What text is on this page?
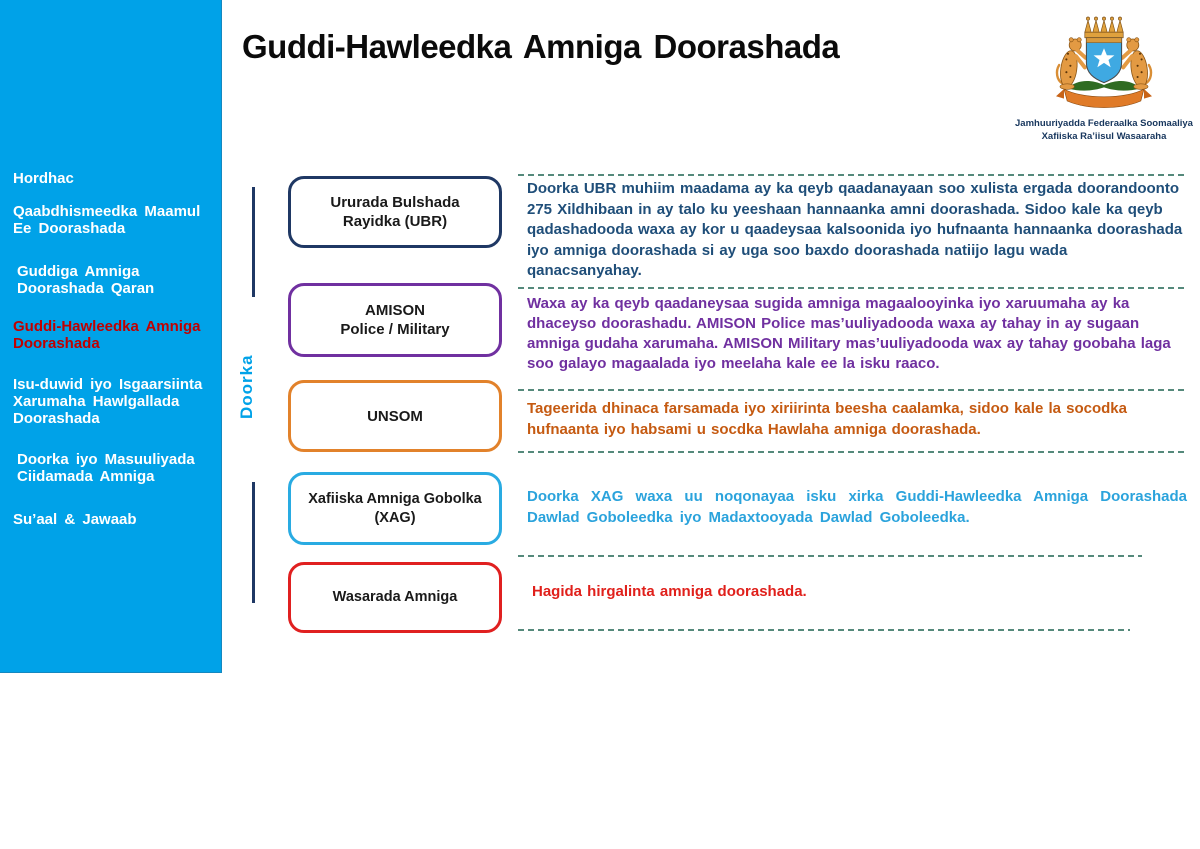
Hordhac
Qaabdhismeedka Maamul Ee Doorashada
Guddiga Amniga Doorashada Qaran
Guddi-Hawleedka Amniga Doorashada
Isu-duwid iyo Isgaarsiinta Xarumaha Hawlgallada Doorashada
Doorka iyo Masuuliyada Ciidamada Amniga
Su’aal & Jawaab
Guddi-Hawleedka Amniga Doorashada
Jamhuuriyadda Federaalka Soomaaliya
Xafiiska Ra’iisul Wasaaraha
Doorka
Ururada Bulshada
Rayidka (UBR)
AMISON
Police / Military
UNSOM
Xafiiska Amniga Gobolka
(XAG)
Wasarada Amniga

Doorka UBR muhiim maadama ay ka qeyb qaadanayaan soo xulista ergada doorandoonto 275 Xildhibaan in ay talo ku yeeshaan hannaanka amni doorashada. Sidoo kale ka qeyb qadashadooda waxa ay kor u qaadeysaa kalsoonida iyo hufnaanta hannaanka doorashada iyo amniga doorashada si ay uga soo baxdo doorashada natiijo lagu wada qanacsanyahay.

Waxa ay ka qeyb qaadaneysaa sugida amniga magaalooyinka iyo xaruumaha ay ka dhaceyso doorashadu. AMISON Police mas’uuliyadooda waxa ay tahay in ay sugaan amniga gudaha xarumaha. AMISON Military mas’uuliyadooda wax ay tahay goobaha laga soo galayo magaalada iyo meelaha kale ee la isku raaco.

Tageerida dhinaca farsamada iyo xiriirinta beesha caalamka, sidoo kale la socodka hufnaanta iyo habsami u socdka Hawlaha amniga doorashada.

Doorka XAG waxa uu noqonayaa isku xirka Guddi-Hawleedka Amniga Doorashada Dawlad Goboleedka iyo Madaxtooyada Dawlad Goboleedka.

Hagida hirgalinta amniga doorashada.
